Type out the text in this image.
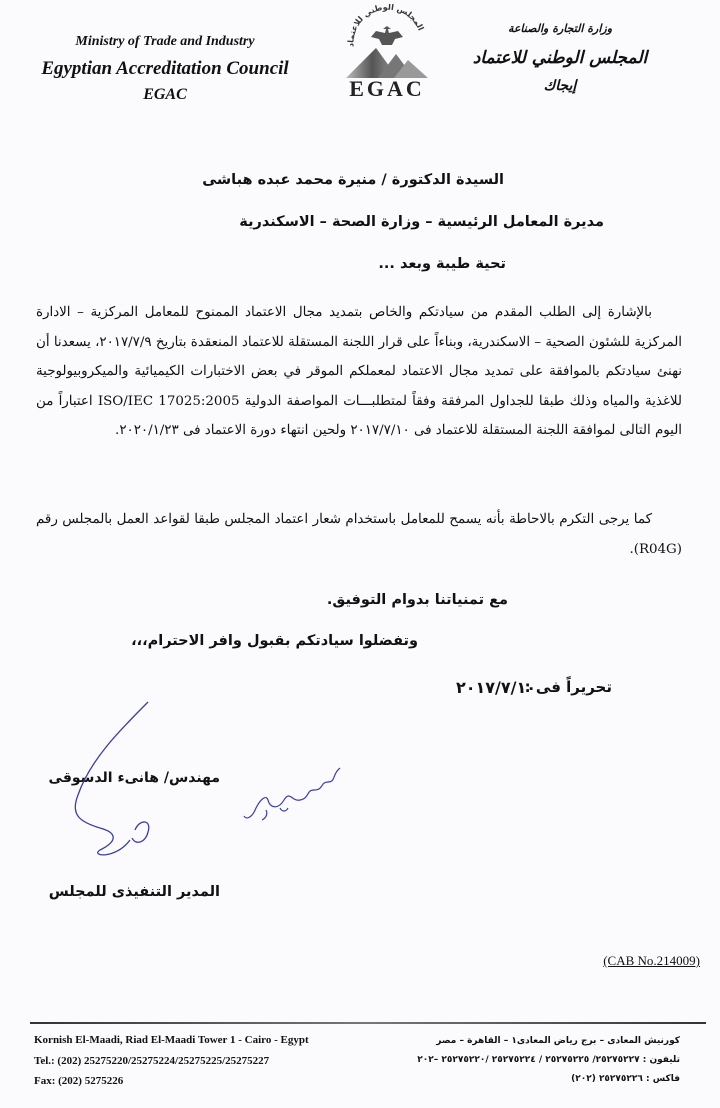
Ministry of Trade and Industry
Egyptian Accreditation Council
EGAC
المجلس الوطني للاعتماد
EGAC
وزارة التجارة والصناعة
المجلس الوطني للاعتماد
إيجاك
السيدة الدكتورة / منيرة محمد عبده هباشى
مديرة المعامل الرئيسية – وزارة الصحة – الاسكندرية
تحية طيبة وبعد ...
بالإشارة إلى الطلب المقدم من سيادتكم والخاص بتمديد مجال الاعتماد الممنوح للمعامل المركزية – الادارة المركزية للشئون الصحية – الاسكندرية، وبناءاً على قرار اللجنة المستقلة للاعتماد المنعقدة بتاريخ ٢٠١٧/٧/٩، يسعدنا أن نهنئ سيادتكم بالموافقة على تمديد مجال الاعتماد لمعملكم الموقر في بعض الاختبارات الكيميائية والميكروبيولوجية للاغذية والمياه وذلك طبقا للجداول المرفقة وفقاً لمتطلبـــات المواصفة الدولية ISO/IEC 17025:2005 اعتباراً من اليوم التالى لموافقة اللجنة المستقلة للاعتماد فى ٢٠١٧/٧/١٠ ولحين انتهاء دورة الاعتماد فى ٢٠٢٠/١/٢٣.
كما يرجى التكرم بالاحاطة بأنه يسمح للمعامل باستخدام شعار اعتماد المجلس طبقا لقواعد العمل بالمجلس رقم (R04G).
مع تمنياتنا بدوام التوفيق.
وتفضلوا سيادتكم بقبول وافر الاحترام،،،
تحريراً فى :
٢٠١٧/٧/١٠
مهندس/ هانىء الدسوقى
المدير التنفيذى للمجلس
(CAB No.214009)
Kornish El-Maadi, Riad El-Maadi Tower 1 - Cairo - Egypt
Tel.: (202) 25275220/25275224/25275225/25275227
Fax: (202) 5275226
كورنيش المعادى – برج رياض المعادى١ – القاهرة – مصر
تليفون : ٢٥٢٧٥٢٢٧/ ٢٥٢٧٥٢٢٥ / ٢٥٢٧٥٢٢٤ /٢٥٢٧٥٢٢٠ –٢٠٢
فاكس : ٢٥٢٧٥٢٢٦ (٢٠٢)
